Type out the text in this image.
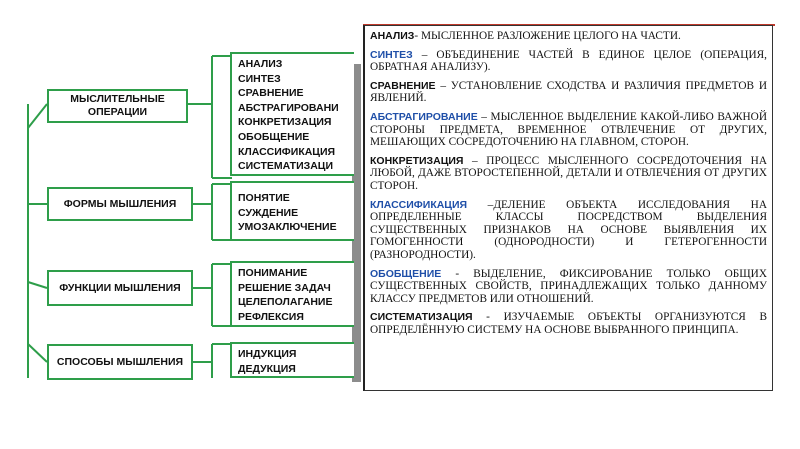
МЫСЛИТЕЛЬНЫЕ ОПЕРАЦИИ
ФОРМЫ МЫШЛЕНИЯ
ФУНКЦИИ МЫШЛЕНИЯ
СПОСОБЫ МЫШЛЕНИЯ
АНАЛИЗ
СИНТЕЗ
СРАВНЕНИЕ
АБСТРАГИРОВАНИ
КОНКРЕТИЗАЦИЯ
ОБОБЩЕНИЕ
КЛАССИФИКАЦИЯ
СИСТЕМАТИЗАЦИ
ПОНЯТИЕ
СУЖДЕНИЕ
УМОЗАКЛЮЧЕНИЕ
ПОНИМАНИЕ
РЕШЕНИЕ ЗАДАЧ
ЦЕЛЕПОЛАГАНИЕ
РЕФЛЕКСИЯ
ИНДУКЦИЯ
ДЕДУКЦИЯ

АНАЛИЗ- МЫСЛЕННОЕ РАЗЛОЖЕНИЕ ЦЕЛОГО НА ЧАСТИ.

СИНТЕЗ – ОБЪЕДИНЕНИЕ ЧАСТЕЙ В ЕДИНОЕ ЦЕЛОЕ (ОПЕРАЦИЯ, ОБРАТНАЯ АНАЛИЗУ).

СРАВНЕНИЕ – УСТАНОВЛЕНИЕ СХОДСТВА И РАЗЛИЧИЯ ПРЕДМЕТОВ И ЯВЛЕНИЙ.

АБСТРАГИРОВАНИЕ – МЫСЛЕННОЕ ВЫДЕЛЕНИЕ КАКОЙ-ЛИБО ВАЖНОЙ СТОРОНЫ ПРЕДМЕТА, ВРЕМЕННОЕ ОТВЛЕЧЕНИЕ ОТ ДРУГИХ, МЕШАЮЩИХ СОСРЕДОТОЧЕНИЮ НА ГЛАВНОМ, СТОРОН.

КОНКРЕТИЗАЦИЯ – ПРОЦЕСС МЫСЛЕННОГО СОСРЕДОТОЧЕНИЯ НА ЛЮБОЙ, ДАЖЕ ВТОРОСТЕПЕННОЙ, ДЕТАЛИ И ОТВЛЕЧЕНИЯ ОТ ДРУГИХ СТОРОН.

КЛАССИФИКАЦИЯ –ДЕЛЕНИЕ ОБЪЕКТА ИССЛЕДОВАНИЯ НА ОПРЕДЕЛЕННЫЕ КЛАССЫ ПОСРЕДСТВОМ ВЫДЕЛЕНИЯ СУЩЕСТВЕННЫХ ПРИЗНАКОВ НА ОСНОВЕ ВЫЯВЛЕНИЯ ИХ ГОМОГЕННОСТИ (ОДНОРОДНОСТИ) И ГЕТЕРОГЕННОСТИ (РАЗНОРОДНОСТИ).

ОБОБЩЕНИЕ - ВЫДЕЛЕНИЕ, ФИКСИРОВАНИЕ ТОЛЬКО ОБЩИХ СУЩЕСТВЕННЫХ СВОЙСТВ, ПРИНАДЛЕЖАЩИХ ТОЛЬКО ДАННОМУ КЛАССУ ПРЕДМЕТОВ ИЛИ ОТНОШЕНИЙ.

СИСТЕМАТИЗАЦИЯ - ИЗУЧАЕМЫЕ ОБЪЕКТЫ ОРГАНИЗУЮТСЯ В ОПРЕДЕЛЁННУЮ СИСТЕМУ НА ОСНОВЕ ВЫБРАННОГО ПРИНЦИПА.
